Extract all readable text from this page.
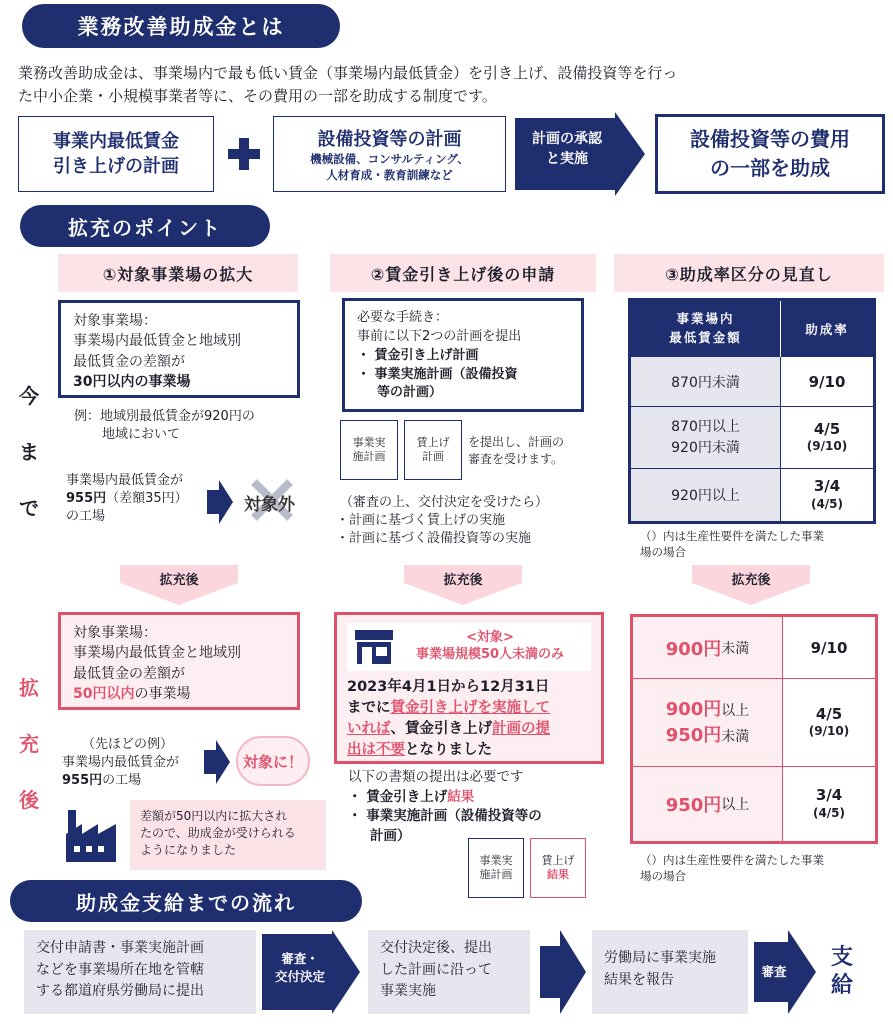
業務改善助成金とは
業務改善助成金は、事業場内で最も低い賃金（事業場内最低賃金）を引き上げ、設備投資等を行っ
た中小企業・小規模事業者等に、その費用の一部を助成する制度です。
事業内最低賃金
引き上げの計画
設備投資等の計画
機械設備、コンサルティング、
人材育成・教育訓練など
計画の承認
と実施
設備投資等の費用
の一部を助成
拡充のポイント
今
ま
で
拡
充
後
①対象事業場の拡大
対象事業場：
事業場内最低賃金と地域別
最低賃金の差額が
30円以内の事業場
例：地域別最低賃金が920円の
地域において
事業場内最低賃金が
955円（差額35円）
の工場
対象外
拡充後
対象事業場：
事業場内最低賃金と地域別
最低賃金の差額が
50円以内の事業場
（先ほどの例）
事業場内最低賃金が
955円の工場
対象に！
差額が50円以内に拡大され
たので、助成金が受けられる
ようになりました
②賃金引き上げ後の申請
必要な手続き：
事前に以下2つの計画を提出
・ 賃金引き上げ計画
・ 事業実施計画（設備投資
等の計画）
事業実
施計画
賃上げ
計画
を提出し、計画の
審査を受けます。
（審査の上、交付決定を受けたら）
・計画に基づく賃上げの実施
・計画に基づく設備投資等の実施
拡充後
<対象>
事業場規模50人未満のみ
2023年4月1日から12月31日
までに賃金引き上げを実施して
いれば、賃金引き上げ計画の提
出は不要となりました
以下の書類の提出は必要です
・ 賃金引き上げ結果
・ 事業実施計画（設備投資等の
計画）
事業実
施計画
賃上げ
結果
③助成率区分の見直し
事業場内
最低賃金額
助成率
870円未満	9/10
870円以上
920円未満
4/5
(9/10)
920円以上
3/4
(4/5)
（）内は生産性要件を満たした事業
場の場合
拡充後
900円 未満	9/10
900円以上
950円未満
4/5
(9/10)
950円 以上
3/4
(4/5)
（）内は生産性要件を満たした事業
場の場合
助成金支給までの流れ
交付申請書・事業実施計画
などを事業場所在地を管轄
する都道府県労働局に提出
審査・
交付決定
交付決定後、提出
した計画に沿って
事業実施
労働局に事業実施
結果を報告
審査
支
給
